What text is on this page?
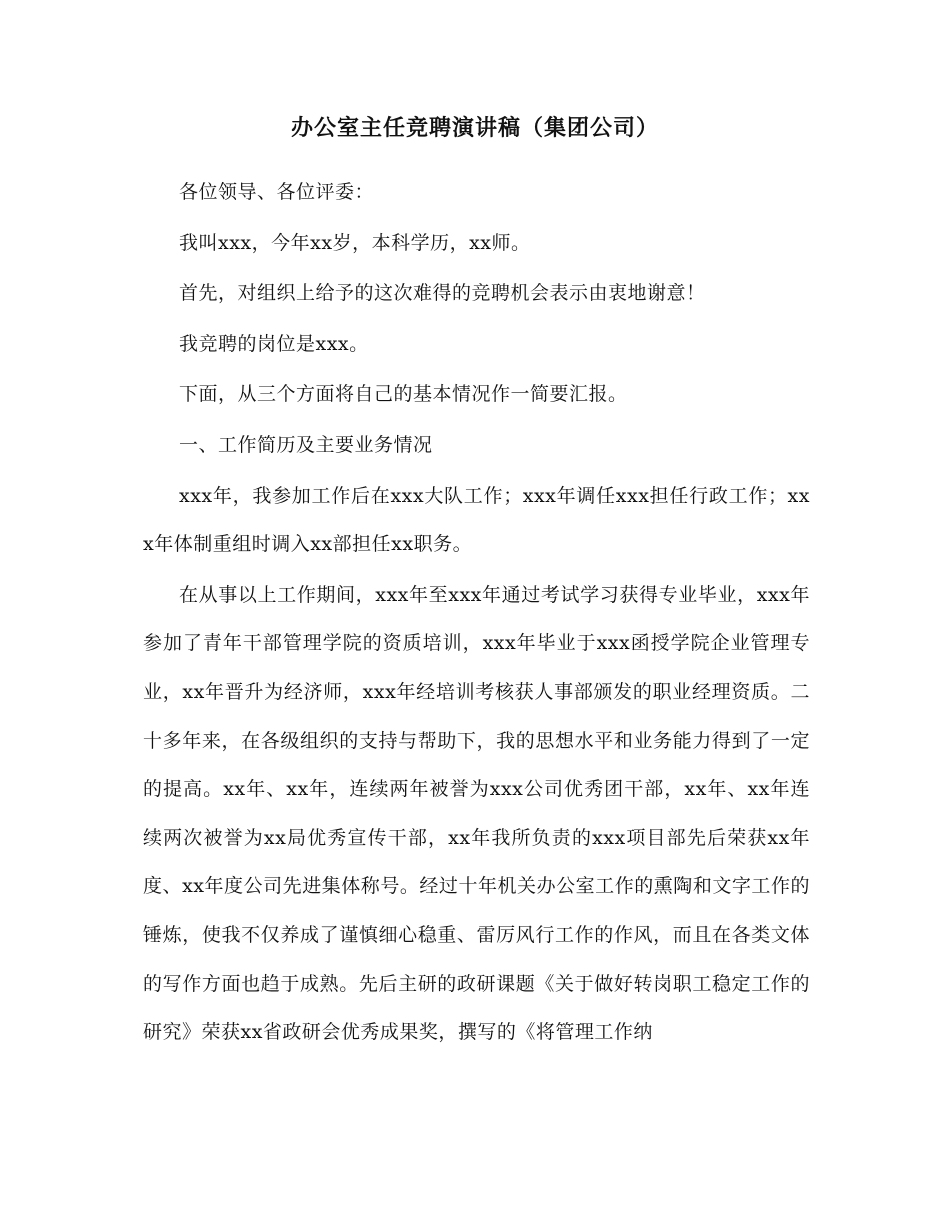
办公室主任竞聘演讲稿（集团公司）

各位领导、各位评委：

我叫xxx，今年xx岁，本科学历，xx师。

首先，对组织上给予的这次难得的竞聘机会表示由衷地谢意！

我竞聘的岗位是xxx。

下面，从三个方面将自己的基本情况作一简要汇报。

一、工作简历及主要业务情况

xxx年，我参加工作后在xxx大队工作；xxx年调任xxx担任行政工作；xxx年体制重组时调入xx部担任xx职务。

在从事以上工作期间，xxx年至xxx年通过考试学习获得专业毕业，xxx年参加了青年干部管理学院的资质培训，xxx年毕业于xxx函授学院企业管理专业，xx年晋升为经济师，xxx年经培训考核获人事部颁发的职业经理资质。二十多年来，在各级组织的支持与帮助下，我的思想水平和业务能力得到了一定的提高。xx年、xx年，连续两年被誉为xxx公司优秀团干部，xx年、xx年连续两次被誉为xx局优秀宣传干部，xx年我所负责的xxx项目部先后荣获xx年度、xx年度公司先进集体称号。经过十年机关办公室工作的熏陶和文字工作的锤炼，使我不仅养成了谨慎细心稳重、雷厉风行工作的作风，而且在各类文体的写作方面也趋于成熟。先后主研的政研课题《关于做好转岗职工稳定工作的研究》荣获xx省政研会优秀成果奖，撰写的《将管理工作纳
